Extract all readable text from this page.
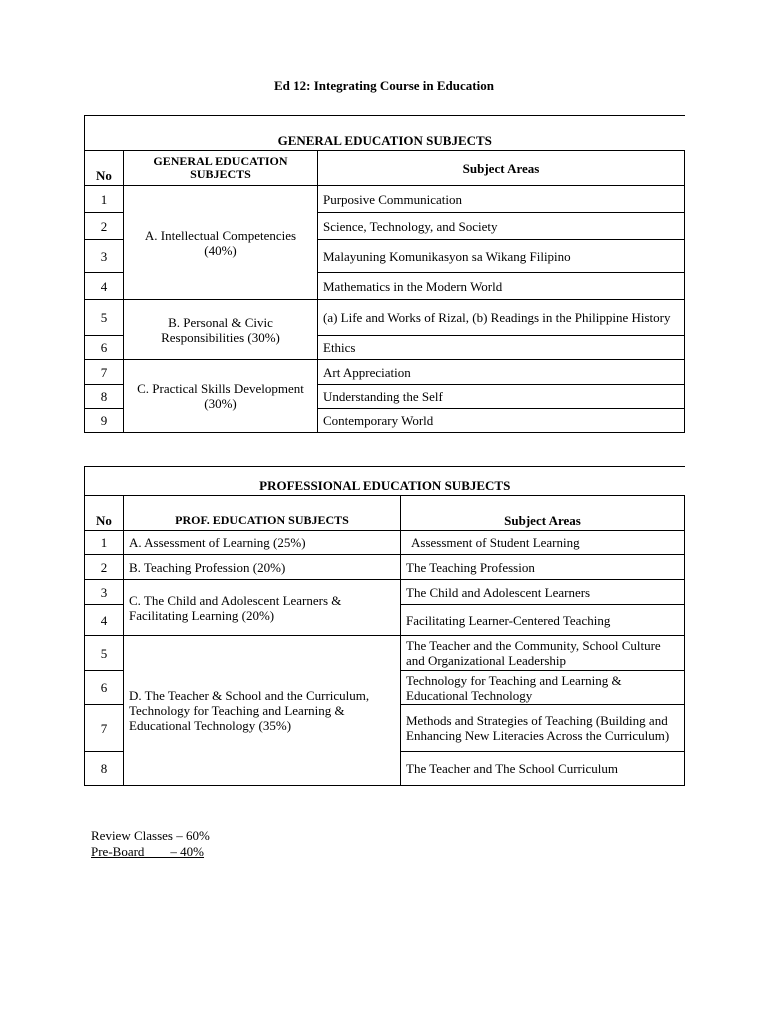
Ed 12: Integrating Course in Education
GENERAL EDUCATION SUBJECTS		
No	GENERAL EDUCATION SUBJECTS	Subject Areas
1	A. Intellectual Competencies (40%)	Purposive Communication
2		Science, Technology, and Society
3		Malayuning Komunikasyon sa Wikang Filipino
4		Mathematics in the Modern World
5	B. Personal & Civic Responsibilities (30%)	(a) Life and Works of Rizal, (b) Readings in the Philippine History
6		Ethics
7	C. Practical Skills Development (30%)	Art Appreciation
8		Understanding the Self
9		Contemporary World
PROFESSIONAL EDUCATION SUBJECTS		
No	PROF. EDUCATION SUBJECTS	Subject Areas
1	A. Assessment of Learning (25%)	Assessment of Student Learning
2	B. Teaching Profession (20%)	The Teaching Profession
3	C. The Child and Adolescent Learners & Facilitating Learning (20%)	The Child and Adolescent Learners
4		Facilitating Learner-Centered Teaching
5	D. The Teacher & School and the Curriculum, Technology for Teaching and Learning & Educational Technology (35%)	The Teacher and the Community, School Culture and Organizational Leadership
6		Technology for Teaching and Learning & Educational Technology
7		Methods and Strategies of Teaching (Building and Enhancing New Literacies Across the Curriculum)
8		The Teacher and The School Curriculum
Review Classes – 60%
Pre-Board        – 40%
